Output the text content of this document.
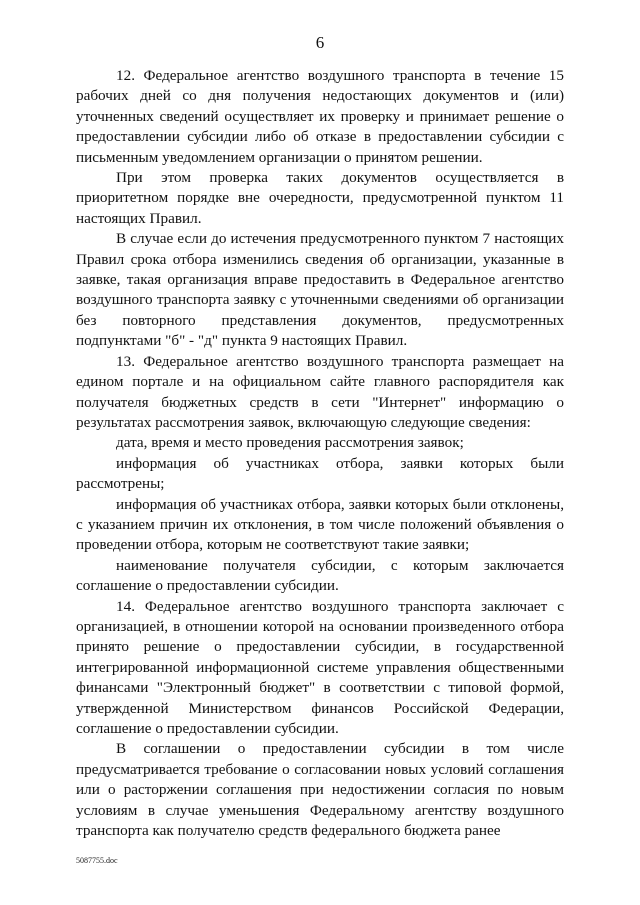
6

12. Федеральное агентство воздушного транспорта в течение 15 рабочих дней со дня получения недостающих документов и (или) уточненных сведений осуществляет их проверку и принимает решение о предоставлении субсидии либо об отказе в предоставлении субсидии с письменным уведомлением организации о принятом решении.

При этом проверка таких документов осуществляется в приоритетном порядке вне очередности, предусмотренной пунктом 11 настоящих Правил.

В случае если до истечения предусмотренного пунктом 7 настоящих Правил срока отбора изменились сведения об организации, указанные в заявке, такая организация вправе предоставить в Федеральное агентство воздушного транспорта заявку с уточненными сведениями об организации без повторного представления документов, предусмотренных подпунктами "б" - "д" пункта 9 настоящих Правил.

13. Федеральное агентство воздушного транспорта размещает на едином портале и на официальном сайте главного распорядителя как получателя бюджетных средств в сети "Интернет" информацию о результатах рассмотрения заявок, включающую следующие сведения:

дата, время и место проведения рассмотрения заявок;

информация об участниках отбора, заявки которых были рассмотрены;

информация об участниках отбора, заявки которых были отклонены, с указанием причин их отклонения, в том числе положений объявления о проведении отбора, которым не соответствуют такие заявки;

наименование получателя субсидии, с которым заключается соглашение о предоставлении субсидии.

14. Федеральное агентство воздушного транспорта заключает с организацией, в отношении которой на основании произведенного отбора принято решение о предоставлении субсидии, в государственной интегрированной информационной системе управления общественными финансами "Электронный бюджет" в соответствии с типовой формой, утвержденной Министерством финансов Российской Федерации, соглашение о предоставлении субсидии.

В соглашении о предоставлении субсидии в том числе предусматривается требование о согласовании новых условий соглашения или о расторжении соглашения при недостижении согласия по новым условиям в случае уменьшения Федеральному агентству воздушного транспорта как получателю средств федерального бюджета ранее

5087755.doc
